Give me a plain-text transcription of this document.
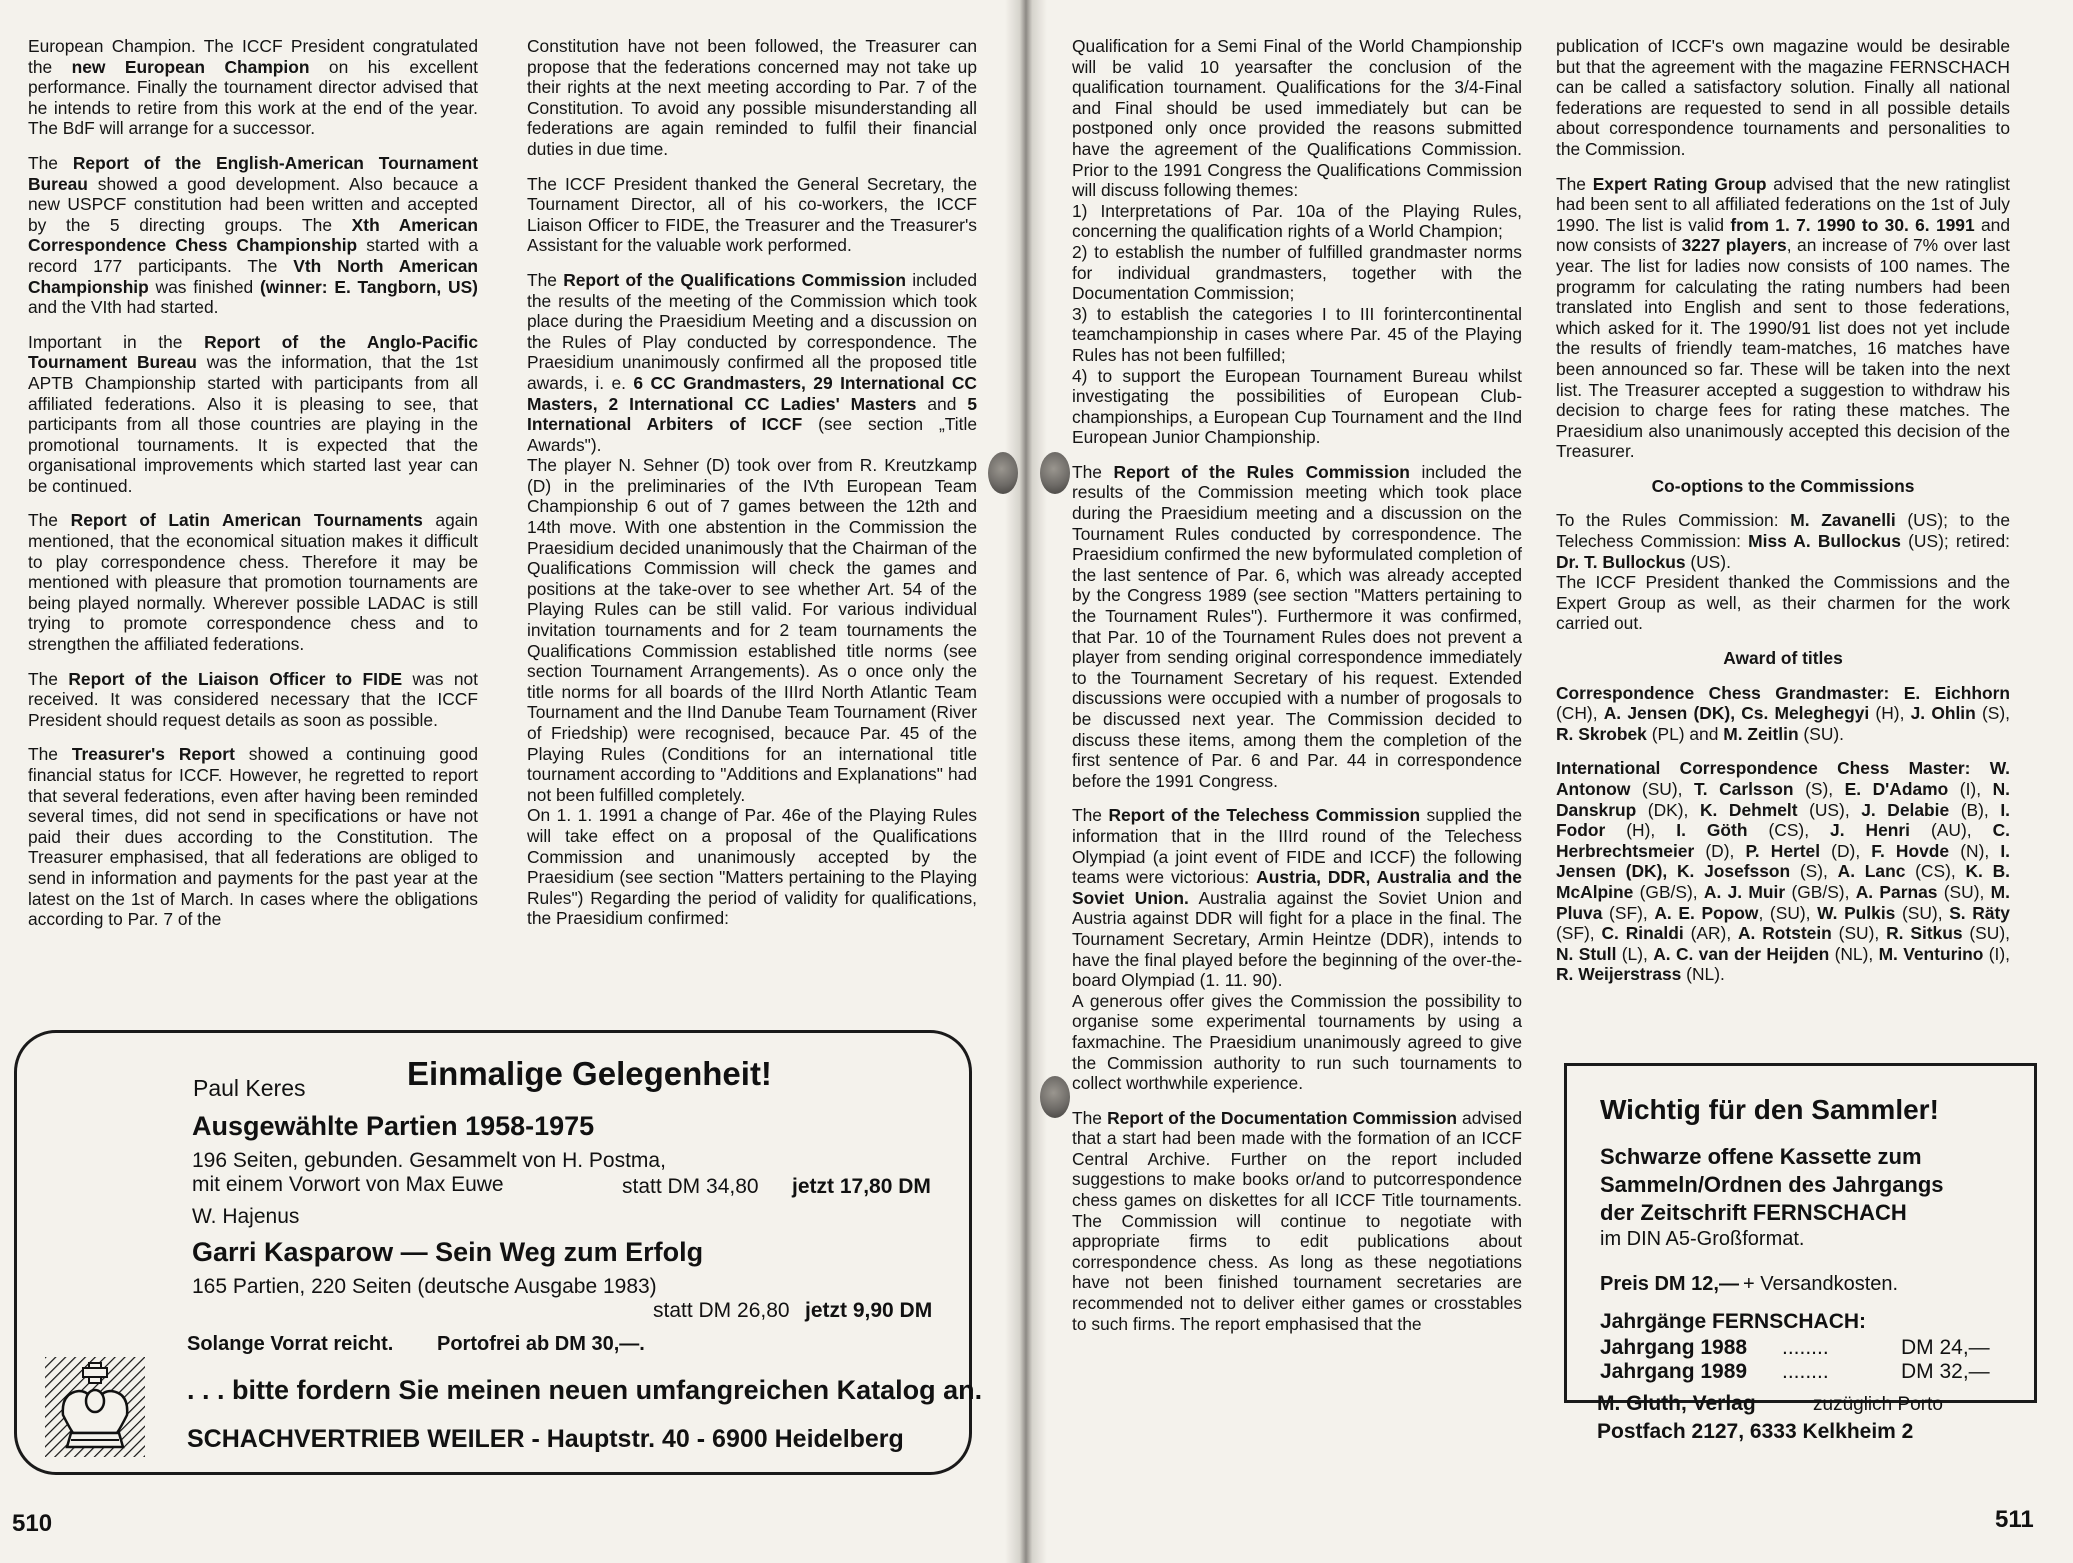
European Champion. The ICCF President congratulated the new European Champion on his excellent performance. Finally the tournament director advised that he intends to retire from this work at the end of the year. The BdF will arrange for a successor.

The Report of the English-American Tournament Bureau showed a good development. Also becauce a new USPCF constitution had been written and accepted by the 5 directing groups. The Xth American Correspondence Chess Championship started with a record 177 participants. The Vth North American Championship was finished (winner: E. Tangborn, US) and the VIth had started.

Important in the Report of the Anglo-Pacific Tournament Bureau was the information, that the 1st APTB Championship started with participants from all affiliated federations. Also it is pleasing to see, that participants from all those countries are playing in the promotional tournaments. It is expected that the organisational improvements which started last year can be continued.

The Report of Latin American Tournaments again mentioned, that the economical situation makes it difficult to play correspondence chess. Therefore it may be mentioned with pleasure that promotion tournaments are being played normally. Wherever possible LADAC is still trying to promote correspondence chess and to strengthen the affiliated federations.

The Report of the Liaison Officer to FIDE was not received. It was considered necessary that the ICCF President should request details as soon as possible.

The Treasurer's Report showed a continuing good financial status for ICCF. However, he regretted to report that several federations, even after having been reminded several times, did not send in specifications or have not paid their dues according to the Constitution. The Treasurer emphasised, that all federations are obliged to send in information and payments for the past year at the latest on the 1st of March. In cases where the obligations according to Par. 7 of the

Constitution have not been followed, the Treasurer can propose that the federations concerned may not take up their rights at the next meeting according to Par. 7 of the Constitution. To avoid any possible misunderstanding all federations are again reminded to fulfil their financial duties in due time.

The ICCF President thanked the General Secretary, the Tournament Director, all of his co-workers, the ICCF Liaison Officer to FIDE, the Treasurer and the Treasurer's Assistant for the valuable work performed.

The Report of the Qualifications Commission included the results of the meeting of the Commission which took place during the Praesidium Meeting and a discussion on the Rules of Play conducted by correspondence. The Praesidium unanimously confirmed all the proposed title awards, i. e. 6 CC Grandmasters, 29 International CC Masters, 2 International CC Ladies' Masters and 5 International Arbiters of ICCF (see section „Title Awards").
The player N. Sehner (D) took over from R. Kreutzkamp (D) in the preliminaries of the IVth European Team Championship 6 out of 7 games between the 12th and 14th move. With one abstention in the Commission the Praesidium decided unanimously that the Chairman of the Qualifications Commission will check the games and positions at the take-over to see whether Art. 54 of the Playing Rules can be still valid. For various individual invitation tournaments and for 2 team tournaments the Qualifications Commission established title norms (see section Tournament Arrangements). As o once only the title norms for all boards of the IIIrd North Atlantic Team Tournament and the IInd Danube Team Tournament (River of Friedship) were recognised, becauce Par. 45 of the Playing Rules (Conditions for an international title tournament according to "Additions and Explanations" had not been fulfilled completely.
On 1. 1. 1991 a change of Par. 46e of the Playing Rules will take effect on a proposal of the Qualifications Commission and unanimously accepted by the Praesidium (see section "Matters pertaining to the Playing Rules") Regarding the period of validity for qualifications, the Praesidium confirmed:

Paul Keres	Einmalige Gelegenheit!
Ausgewählte Partien 1958-1975
196 Seiten, gebunden. Gesammelt von H. Postma,
mit einem Vorwort von Max Euwe	statt DM 34,80 jetzt 17,80 DM
W. Hajenus
Garri Kasparow — Sein Weg zum Erfolg
165 Partien, 220 Seiten (deutsche Ausgabe 1983)
statt DM 26,80 jetzt 9,90 DM
Solange Vorrat reicht. Portofrei ab DM 30,—.
. . . bitte fordern Sie meinen neuen umfangreichen Katalog an.
SCHACHVERTRIEB WEILER - Hauptstr. 40 - 6900 Heidelberg
510

Qualification for a Semi Final of the World Championship will be valid 10 yearsafter the conclusion of the qualification tournament. Qualifications for the 3/4-Final and Final should be used immediately but can be postponed only once provided the reasons submitted have the agreement of the Qualifications Commission. Prior to the 1991 Congress the Qualifications Commission will discuss following themes:
1) Interpretations of Par. 10a of the Playing Rules, concerning the qualification rights of a World Champion;
2) to establish the number of fulfilled grandmaster norms for individual grandmasters, together with the Documentation Commission;
3) to establish the categories I to III forintercontinental teamchampionship in cases where Par. 45 of the Playing Rules has not been fulfilled;
4) to support the European Tournament Bureau whilst investigating the possibilities of European Club-championships, a European Cup Tournament and the IInd European Junior Championship.

The Report of the Rules Commission included the results of the Commission meeting which took place during the Praesidium meeting and a discussion on the Tournament Rules conducted by correspondence. The Praesidium confirmed the new byformulated completion of the last sentence of Par. 6, which was already accepted by the Congress 1989 (see section "Matters pertaining to the Tournament Rules"). Furthermore it was confirmed, that Par. 10 of the Tournament Rules does not prevent a player from sending original correspondence immediately to the Tournament Secretary of his request. Extended discussions were occupied with a number of progosals to be discussed next year. The Commission decided to discuss these items, among them the completion of the first sentence of Par. 6 and Par. 44 in correspondence before the 1991 Congress.

The Report of the Telechess Commission supplied the information that in the IIIrd round of the Telechess Olympiad (a joint event of FIDE and ICCF) the following teams were victorious: Austria, DDR, Australia and the Soviet Union. Australia against the Soviet Union and Austria against DDR will fight for a place in the final. The Tournament Secretary, Armin Heintze (DDR), intends to have the final played before the beginning of the over-the-board Olympiad (1. 11. 90).
A generous offer gives the Commission the possibility to organise some experimental tournaments by using a faxmachine. The Praesidium unanimously agreed to give the Commission authority to run such tournaments to collect worthwhile experience.

The Report of the Documentation Commission advised that a start had been made with the formation of an ICCF Central Archive. Further on the report included suggestions to make books or/and to putcorrespondence chess games on diskettes for all ICCF Title tournaments. The Commission will continue to negotiate with appropriate firms to edit publications about correspondence chess. As long as these negotiations have not been finished tournament secretaries are recommended not to deliver either games or crosstables to such firms. The report emphasised that the

publication of ICCF's own magazine would be desirable but that the agreement with the magazine FERNSCHACH can be called a satisfactory solution. Finally all national federations are requested to send in all possible details about correspondence tournaments and personalities to the Commission.

The Expert Rating Group advised that the new ratinglist had been sent to all affiliated federations on the 1st of July 1990. The list is valid from 1. 7. 1990 to 30. 6. 1991 and now consists of 3227 players, an increase of 7% over last year. The list for ladies now consists of 100 names. The programm for calculating the rating numbers had been translated into English and sent to those federations, which asked for it. The 1990/91 list does not yet include the results of friendly team-matches, 16 matches have been announced so far. These will be taken into the next list. The Treasurer accepted a suggestion to withdraw his decision to charge fees for rating these matches. The Praesidium also unanimously accepted this decision of the Treasurer.

Co-options to the Commissions
To the Rules Commission: M. Zavanelli (US); to the Telechess Commission: Miss A. Bullockus (US); retired: Dr. T. Bullockus (US).
The ICCF President thanked the Commissions and the Expert Group as well, as their charmen for the work carried out.

Award of titles
Correspondence Chess Grandmaster: E. Eichhorn (CH), A. Jensen (DK), Cs. Meleghegyi (H), J. Ohlin (S), R. Skrobek (PL) and M. Zeitlin (SU).

International Correspondence Chess Master: W. Antonow (SU), T. Carlsson (S), E. D'Adamo (I), N. Danskrup (DK), K. Dehmelt (US), J. Delabie (B), I. Fodor (H), I. Göth (CS), J. Henri (AU), C. Herbrechtsmeier (D), P. Hertel (D), F. Hovde (N), I. Jensen (DK), K. Josefsson (S), A. Lanc (CS), K. B. McAlpine (GB/S), A. J. Muir (GB/S), A. Parnas (SU), M. Pluva (SF), A. E. Popow, (SU), W. Pulkis (SU), S. Räty (SF), C. Rinaldi (AR), A. Rotstein (SU), R. Sitkus (SU), N. Stull (L), A. C. van der Heijden (NL), M. Venturino (I), R. Weijerstrass (NL).

Wichtig für den Sammler!
Schwarze offene Kassette zum
Sammeln/Ordnen des Jahrgangs
der Zeitschrift FERNSCHACH
im DIN A5-Großformat.
Preis DM 12,— + Versandkosten.
Jahrgänge FERNSCHACH:
Jahrgang 1988 ........	DM 24,—
Jahrgang 1989 ........	DM 32,—
M. Gluth, Verlag	zuzüglich Porto
Postfach 2127, 6333 Kelkheim 2
511
